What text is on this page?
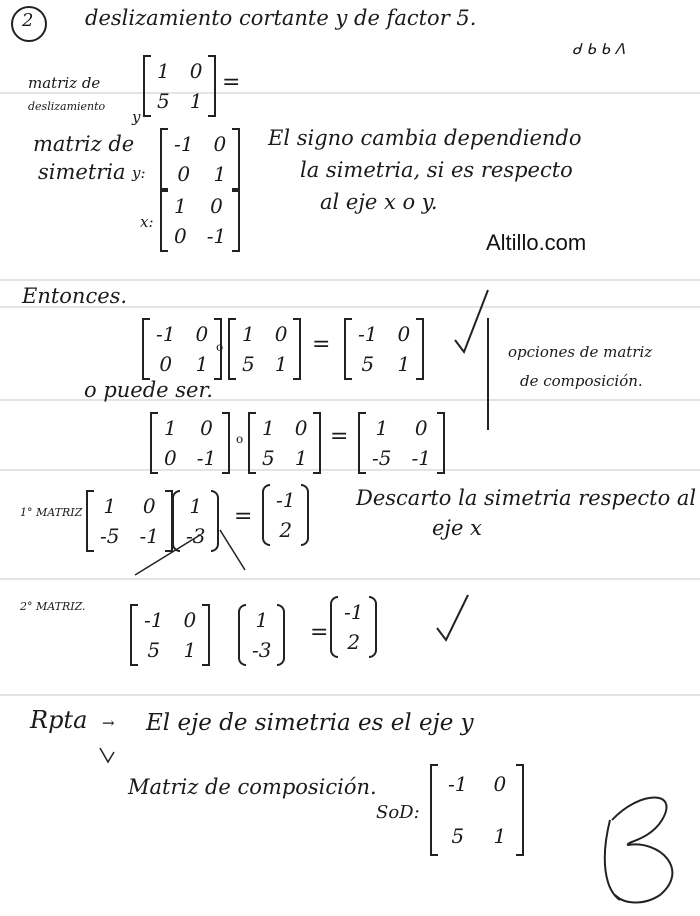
2 deslizamiento cortante y de factor 5.
ᑯ ᑲ ᑲ ᐱ
matriz de
deslizamiento
y
1 0
5 1
=
matriz de
simetria y:
-1 0
0 1
x:
1 0
0 -1
El signo cambia dependiendo
la simetria, si es respecto
al eje x o y.
Altillo.com
Entonces.
-1 0
0 1
o
1 0
5 1
= -1 0
5 1
o puede ser.
1 0
0 -1
o 1 0
5 1
= 1 0
-5 -1
opciones de matriz
de composición.
1° MATRIZ 1 0
-5 -1
1
-3
=
-1
2
Descarto la simetria respecto al
eje x
2° MATRIZ.
-1 0
5 1
1
-3
=
-1
2
Rpta → El eje de simetria es el eje y
Matriz de composición.
SoD:
-1 0
5 1
